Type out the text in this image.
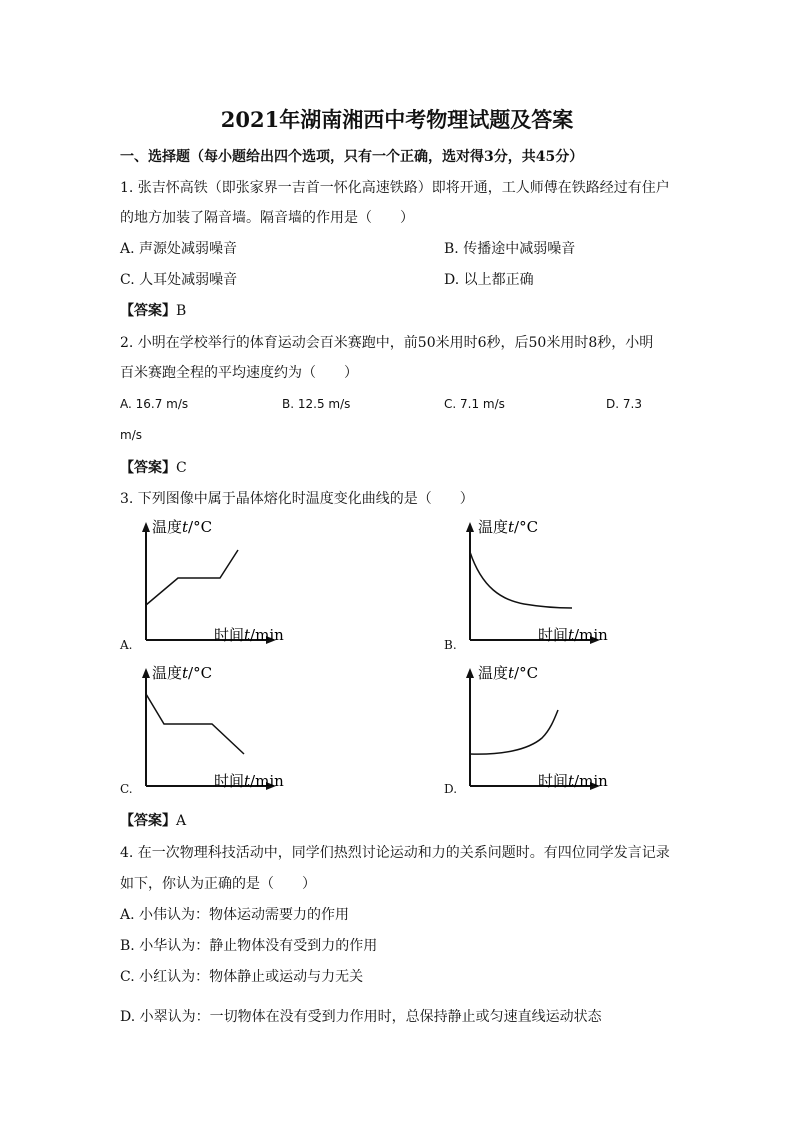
2021年湖南湘西中考物理试题及答案
一、选择题（每小题给出四个选项，只有一个正确，选对得3分，共45分）
1. 张吉怀高铁（即张家界一吉首一怀化高速铁路）即将开通，工人师傅在铁路经过有住户
的地方加装了隔音墙。隔音墙的作用是（　　）
A. 声源处减弱噪音	B. 传播途中减弱噪音
C. 人耳处减弱噪音	D. 以上都正确
【答案】B
2. 小明在学校举行的体育运动会百米赛跑中，前50米用时6秒，后50米用时8秒，小明
百米赛跑全程的平均速度约为（　　）
A. 16.7 m/s	B. 12.5 m/s	C. 7.1 m/s	D. 7.3
m/s
【答案】C
3. 下列图像中属于晶体熔化时温度变化曲线的是（　　）
温度t/°C
时间t/min
A.
温度t/°C
时间t/min
B.
温度t/°C
时间t/min
C.
温度t/°C
时间t/min
D.
【答案】A
4. 在一次物理科技活动中，同学们热烈讨论运动和力的关系问题时。有四位同学发言记录
如下，你认为正确的是（　　）
A. 小伟认为：物体运动需要力的作用
B. 小华认为：静止物体没有受到力的作用
C. 小红认为：物体静止或运动与力无关
D. 小翠认为：一切物体在没有受到力作用时，总保持静止或匀速直线运动状态
